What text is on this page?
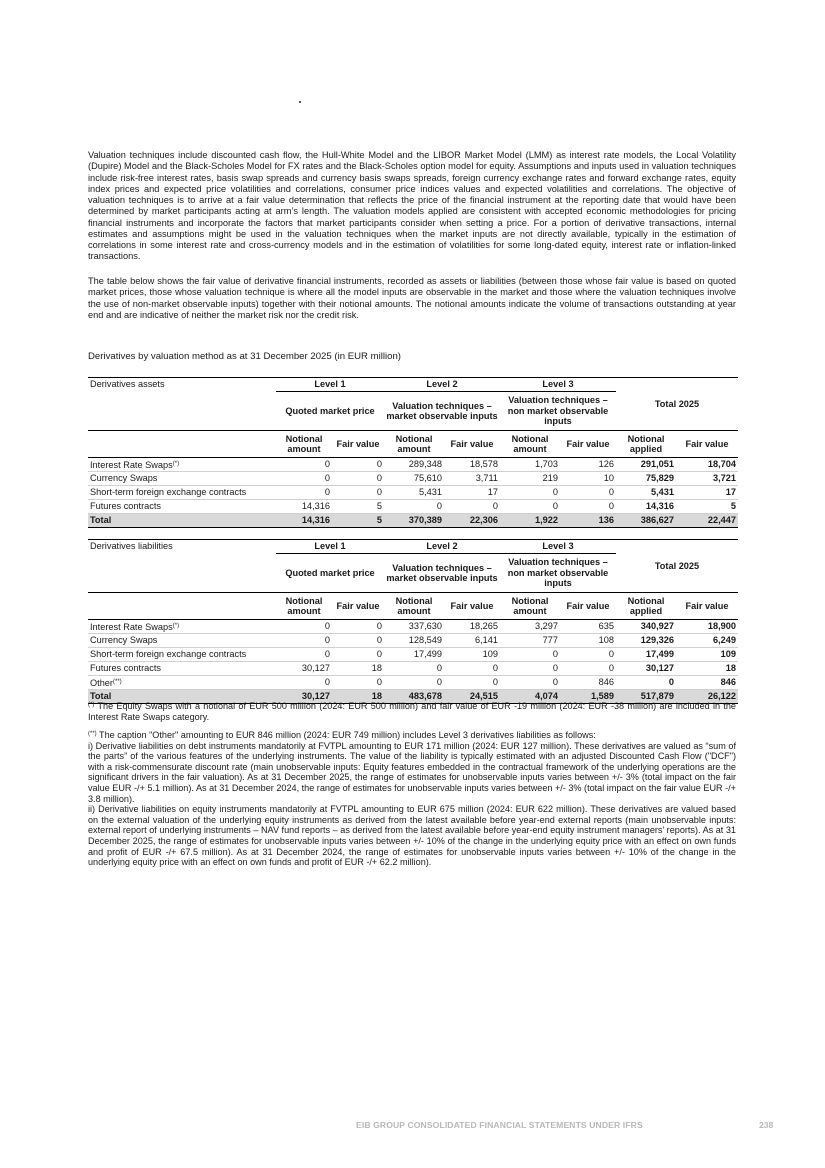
Valuation techniques include discounted cash flow, the Hull-White Model and the LIBOR Market Model (LMM) as interest rate models, the Local Volatility (Dupire) Model and the Black-Scholes Model for FX rates and the Black-Scholes option model for equity. Assumptions and inputs used in valuation techniques include risk-free interest rates, basis swap spreads and currency basis swaps spreads, foreign currency exchange rates and forward exchange rates, equity index prices and expected price volatilities and correlations, consumer price indices values and expected volatilities and correlations. The objective of valuation techniques is to arrive at a fair value determination that reflects the price of the financial instrument at the reporting date that would have been determined by market participants acting at arm’s length. The valuation models applied are consistent with accepted economic methodologies for pricing financial instruments and incorporate the factors that market participants consider when setting a price. For a portion of derivative transactions, internal estimates and assumptions might be used in the valuation techniques when the market inputs are not directly available, typically in the estimation of correlations in some interest rate and cross-currency models and in the estimation of volatilities for some long-dated equity, interest rate or inflation-linked transactions.

The table below shows the fair value of derivative financial instruments, recorded as assets or liabilities (between those whose fair value is based on quoted market prices, those whose valuation technique is where all the model inputs are observable in the market and those where the valuation techniques involve the use of non-market observable inputs) together with their notional amounts. The notional amounts indicate the volume of transactions outstanding at year end and are indicative of neither the market risk nor the credit risk.

Derivatives by valuation method as at 31 December 2025 (in EUR million)
Derivatives assets	Level 1		Level 2		Level 3		Total 2025	
	Quoted market price		Valuation techniques – market observable inputs		Valuation techniques – non market observable inputs			
	Notional amount	Fair value	Notional amount	Fair value	Notional amount	Fair value	Notional applied	Fair value
Interest Rate Swaps(*)	0	0	289,348	18,578	1,703	126	291,051	18,704
Currency Swaps	0	0	75,610	3,711	219	10	75,829	3,721
Short-term foreign exchange contracts	0	0	5,431	17	0	0	5,431	17
Futures contracts	14,316	5	0	0	0	0	14,316	5
Total	14,316	5	370,389	22,306	1,922	136	386,627	22,447
Derivatives liabilities	Level 1		Level 2		Level 3		Total 2025	
	Quoted market price		Valuation techniques – market observable inputs		Valuation techniques – non market observable inputs			
	Notional amount	Fair value	Notional amount	Fair value	Notional amount	Fair value	Notional applied	Fair value
Interest Rate Swaps(*)	0	0	337,630	18,265	3,297	635	340,927	18,900
Currency Swaps	0	0	128,549	6,141	777	108	129,326	6,249
Short-term foreign exchange contracts	0	0	17,499	109	0	0	17,499	109
Futures contracts	30,127	18	0	0	0	0	30,127	18
Other(**)	0	0	0	0	0	846	0	846
Total	30,127	18	483,678	24,515	4,074	1,589	517,879	26,122

(*) The Equity Swaps with a notional of EUR 500 million (2024: EUR 500 million) and fair value of EUR -19 million (2024: EUR -38 million) are included in the Interest Rate Swaps category.

(**) The caption "Other" amounting to EUR 846 million (2024: EUR 749 million) includes Level 3 derivatives liabilities as follows:
i) Derivative liabilities on debt instruments mandatorily at FVTPL amounting to EUR 171 million (2024: EUR 127 million). These derivatives are valued as “sum of the parts” of the various features of the underlying instruments. The value of the liability is typically estimated with an adjusted Discounted Cash Flow ("DCF") with a risk-commensurate discount rate (main unobservable inputs: Equity features embedded in the contractual framework of the underlying operations are the significant drivers in the fair valuation). As at 31 December 2025, the range of estimates for unobservable inputs varies between +/- 3% (total impact on the fair value EUR -/+ 5.1 million). As at 31 December 2024, the range of estimates for unobservable inputs varies between +/- 3% (total impact on the fair value EUR -/+ 3.8 million).
ii) Derivative liabilities on equity instruments mandatorily at FVTPL amounting to EUR 675 million (2024: EUR 622 million). These derivatives are valued based on the external valuation of the underlying equity instruments as derived from the latest available before year-end external reports (main unobservable inputs: external report of underlying instruments – NAV fund reports – as derived from the latest available before year-end equity instrument managers’ reports). As at 31 December 2025, the range of estimates for unobservable inputs varies between +/- 10% of the change in the underlying equity price with an effect on own funds and profit of EUR -/+ 67.5 million). As at 31 December 2024, the range of estimates for unobservable inputs varies between +/- 10% of the change in the underlying equity price with an effect on own funds and profit of EUR -/+ 62.2 million).
EIB GROUP CONSOLIDATED FINANCIAL STATEMENTS UNDER IFRS	238
